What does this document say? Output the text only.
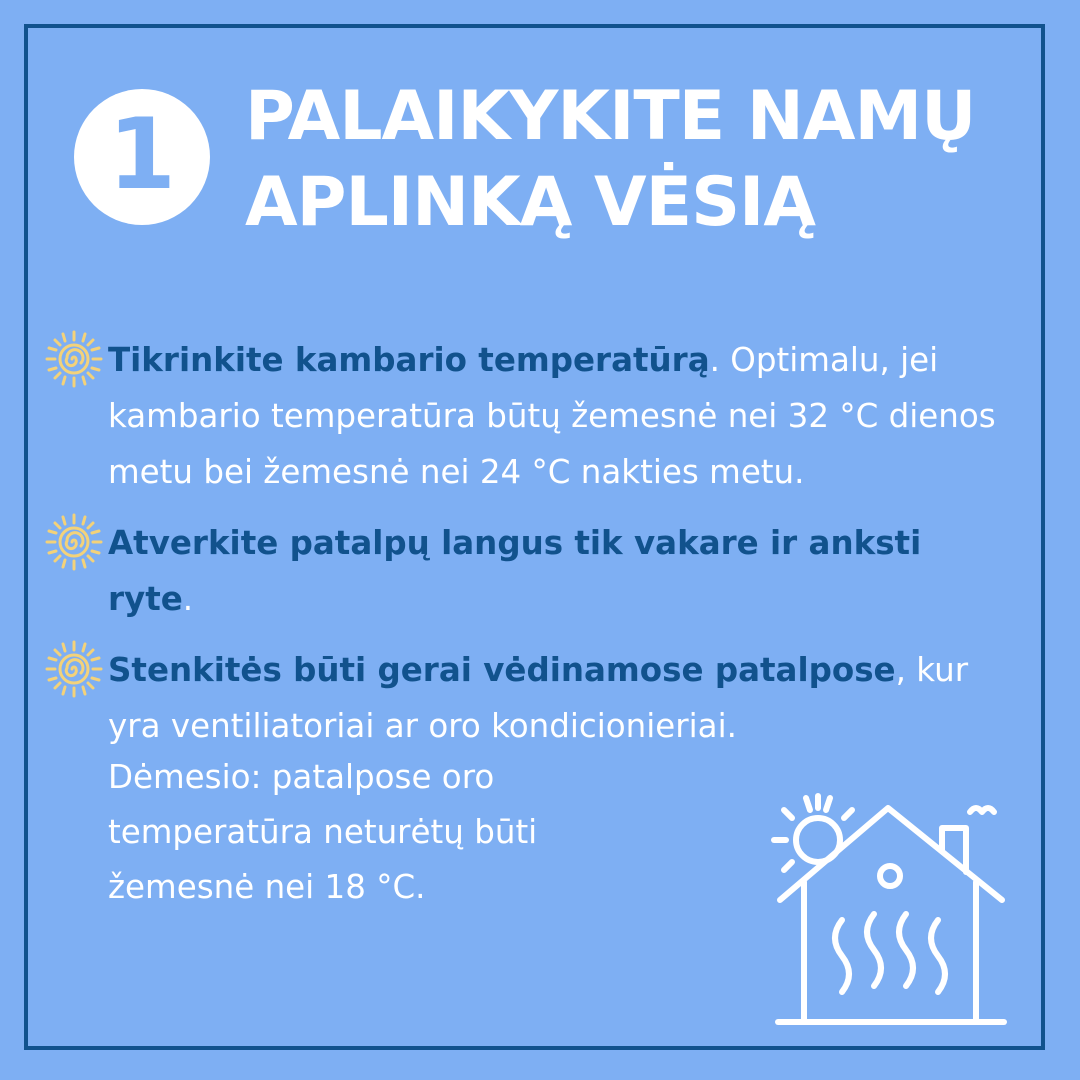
1 PALAIKYKITE NAMŲ
APLINKĄ VĖSIĄ
Tikrinkite kambario temperatūrą. Optimalu, jei kambario temperatūra būtų žemesnė nei 32 °C dienos metu bei žemesnė nei 24 °C nakties metu.
Atverkite patalpų langus tik vakare ir anksti ryte.
Stenkitės būti gerai vėdinamose patalpose, kur yra ventiliatoriai ar oro kondicionieriai.
Dėmesio: patalpose oro
temperatūra neturėtų būti
žemesnė nei 18 °C.
